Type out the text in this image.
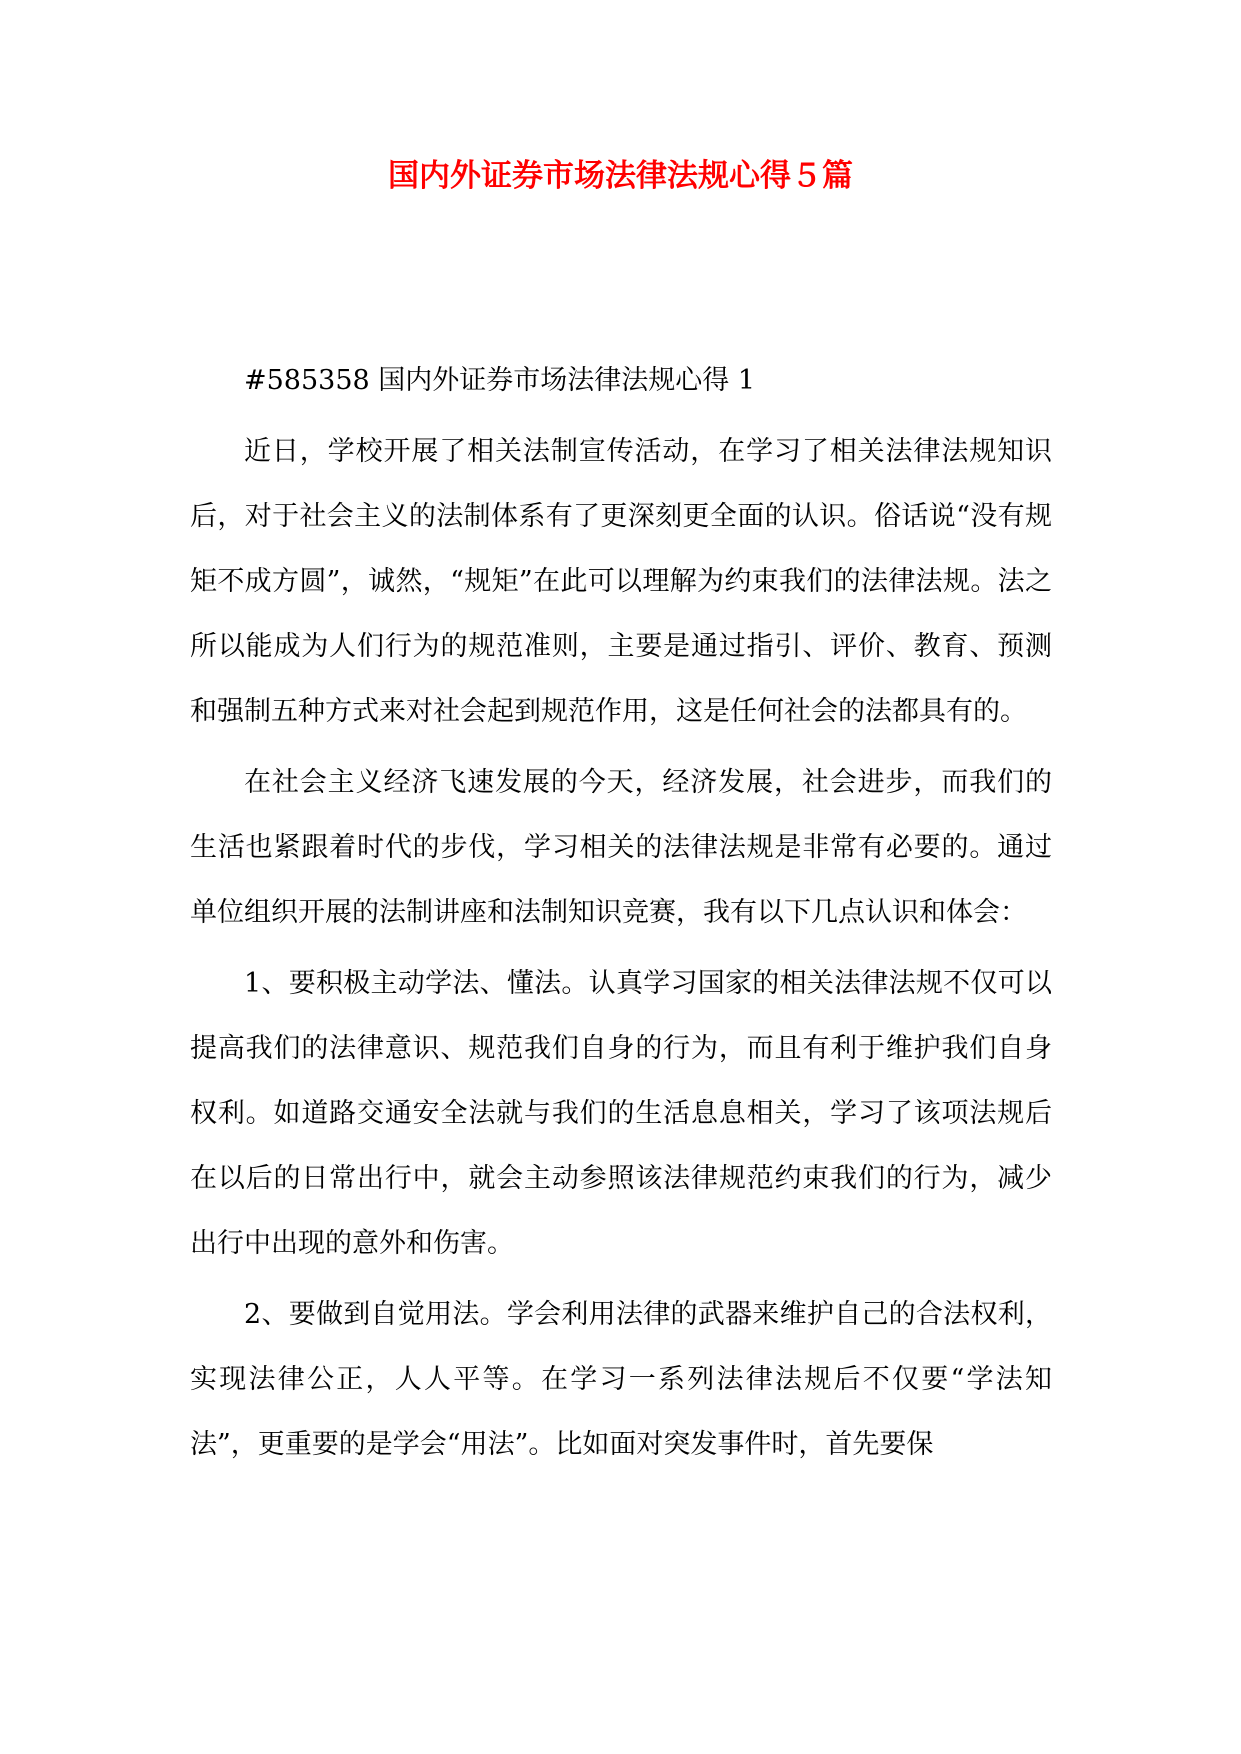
国内外证券市场法律法规心得５篇

#585358 国内外证券市场法律法规心得 1

近日，学校开展了相关法制宣传活动，在学习了相关法律法规知识后，对于社会主义的法制体系有了更深刻更全面的认识。俗话说“没有规矩不成方圆”，诚然，“规矩”在此可以理解为约束我们的法律法规。法之所以能成为人们行为的规范准则，主要是通过指引、评价、教育、预测和强制五种方式来对社会起到规范作用，这是任何社会的法都具有的。

在社会主义经济飞速发展的今天，经济发展，社会进步，而我们的生活也紧跟着时代的步伐，学习相关的法律法规是非常有必要的。通过单位组织开展的法制讲座和法制知识竞赛，我有以下几点认识和体会：

1、要积极主动学法、懂法。认真学习国家的相关法律法规不仅可以提高我们的法律意识、规范我们自身的行为，而且有利于维护我们自身权利。如道路交通安全法就与我们的生活息息相关，学习了该项法规后在以后的日常出行中，就会主动参照该法律规范约束我们的行为，减少出行中出现的意外和伤害。

2、要做到自觉用法。学会利用法律的武器来维护自己的合法权利，实现法律公正，人人平等。在学习一系列法律法规后不仅要“学法知法”，更重要的是学会“用法”。比如面对突发事件时，首先要保
